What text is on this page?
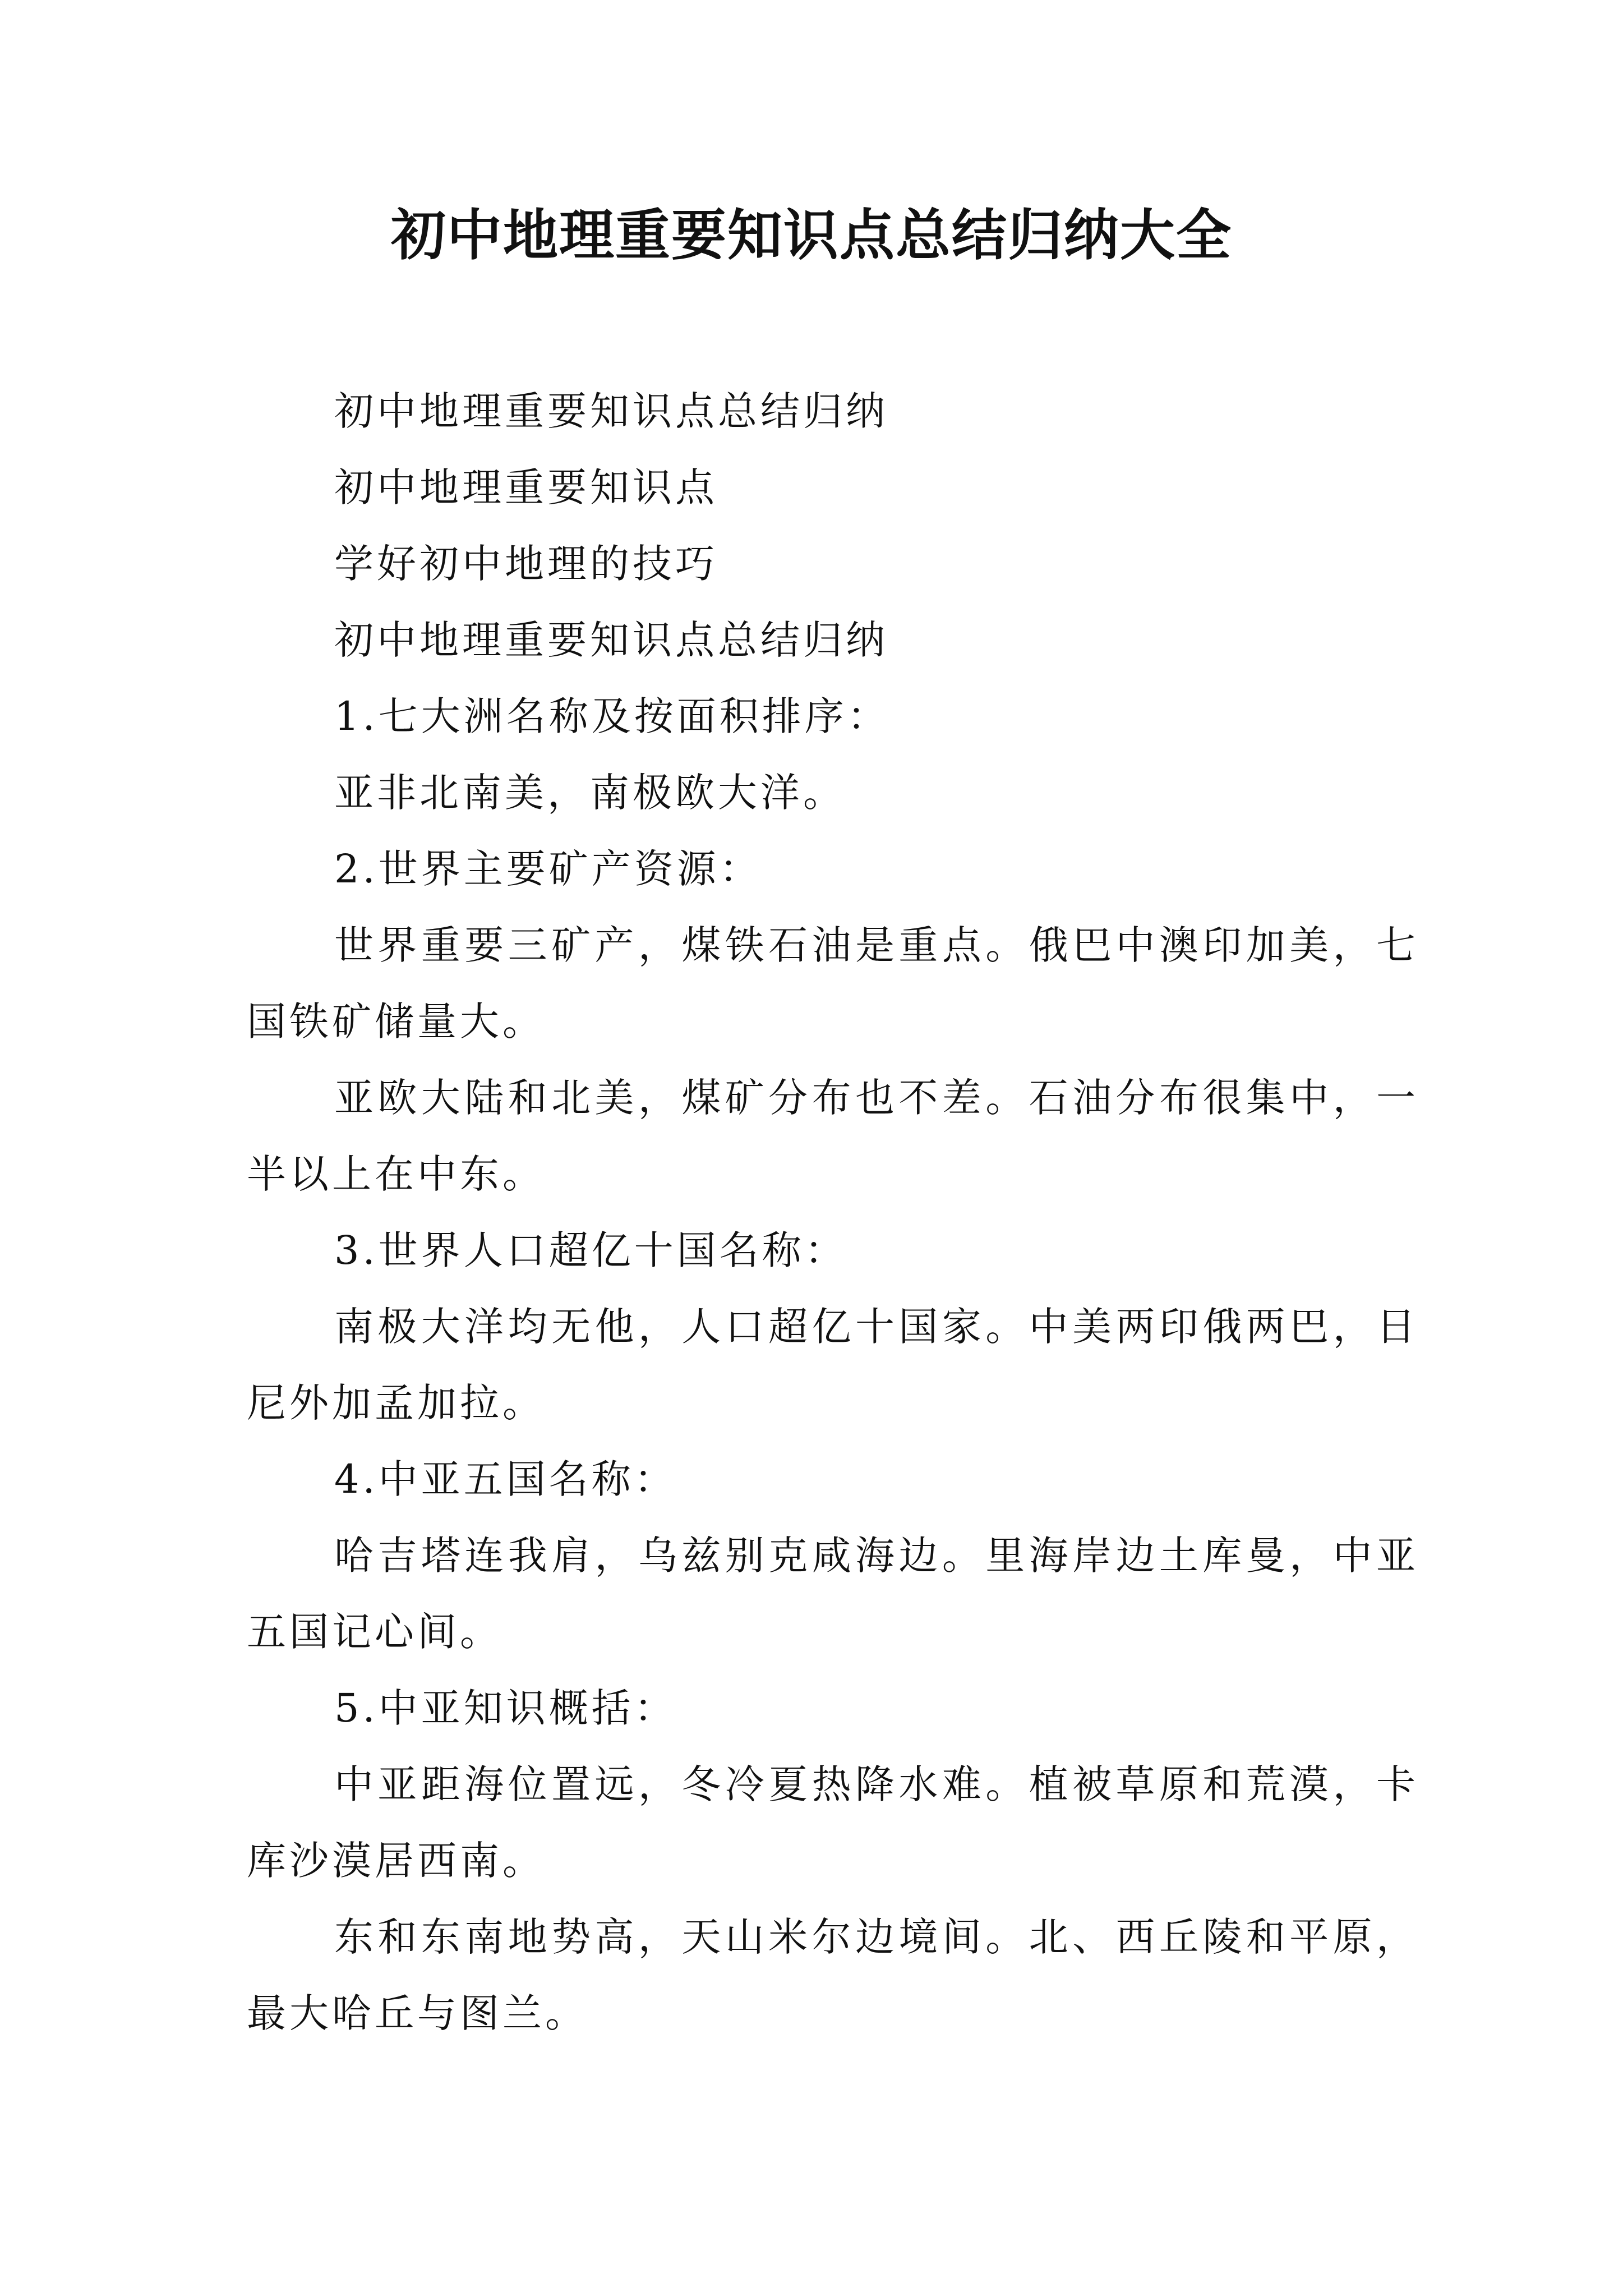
初中地理重要知识点总结归纳大全

初中地理重要知识点总结归纳

初中地理重要知识点

学好初中地理的技巧

初中地理重要知识点总结归纳

1.七大洲名称及按面积排序：

亚非北南美，南极欧大洋。

2.世界主要矿产资源：

世界重要三矿产，煤铁石油是重点。俄巴中澳印加美，七国铁矿储量大。

亚欧大陆和北美，煤矿分布也不差。石油分布很集中，一半以上在中东。

3.世界人口超亿十国名称：

南极大洋均无他，人口超亿十国家。中美两印俄两巴，日尼外加孟加拉。

4.中亚五国名称：

哈吉塔连我肩，乌兹别克咸海边。里海岸边土库曼，中亚五国记心间。

5.中亚知识概括：

中亚距海位置远，冬冷夏热降水难。植被草原和荒漠，卡库沙漠居西南。

东和东南地势高，天山米尔边境间。北、西丘陵和平原，最大哈丘与图兰。
